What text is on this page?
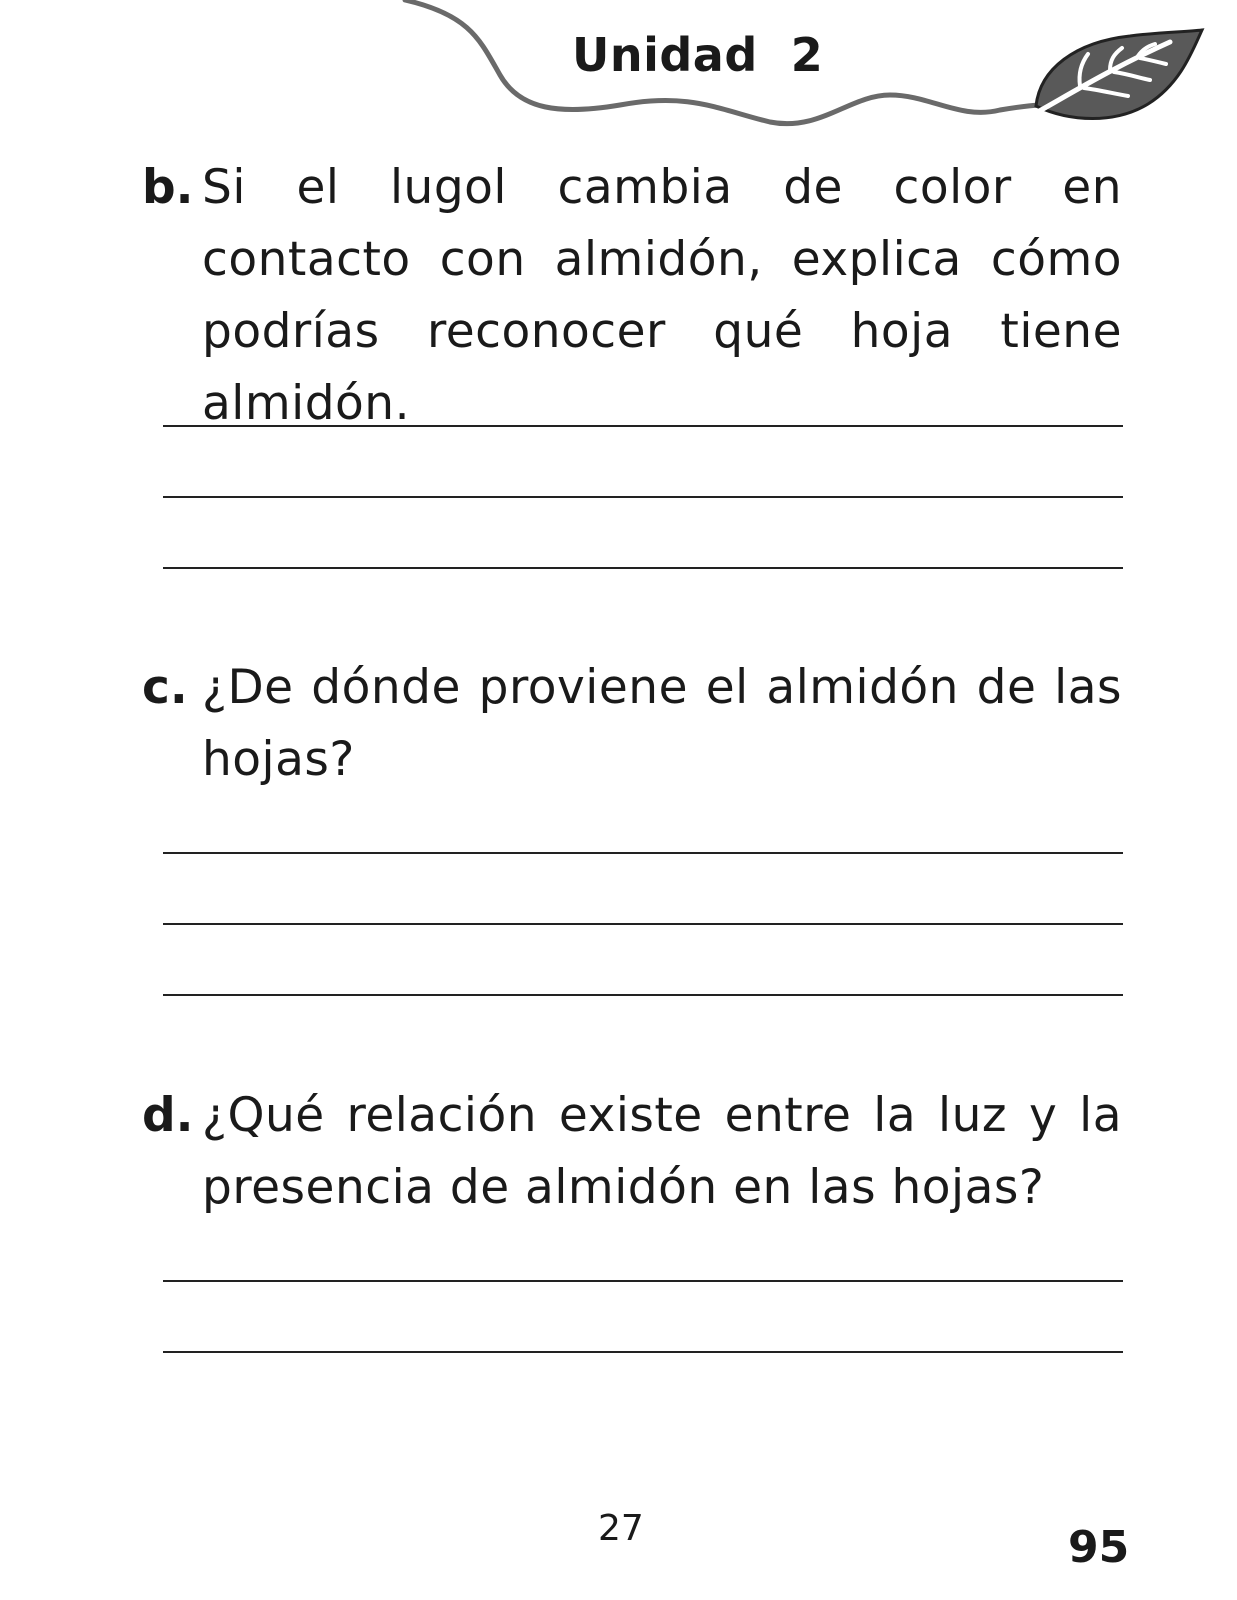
Unidad  2
b. Si el lugol cambia de color en contacto con almidón, explica cómo podrías reconocer qué hoja tiene almidón.
c. ¿De dónde proviene el almidón de las hojas?
d. ¿Qué relación existe entre la luz y la presencia de almidón en las hojas?
27	95
